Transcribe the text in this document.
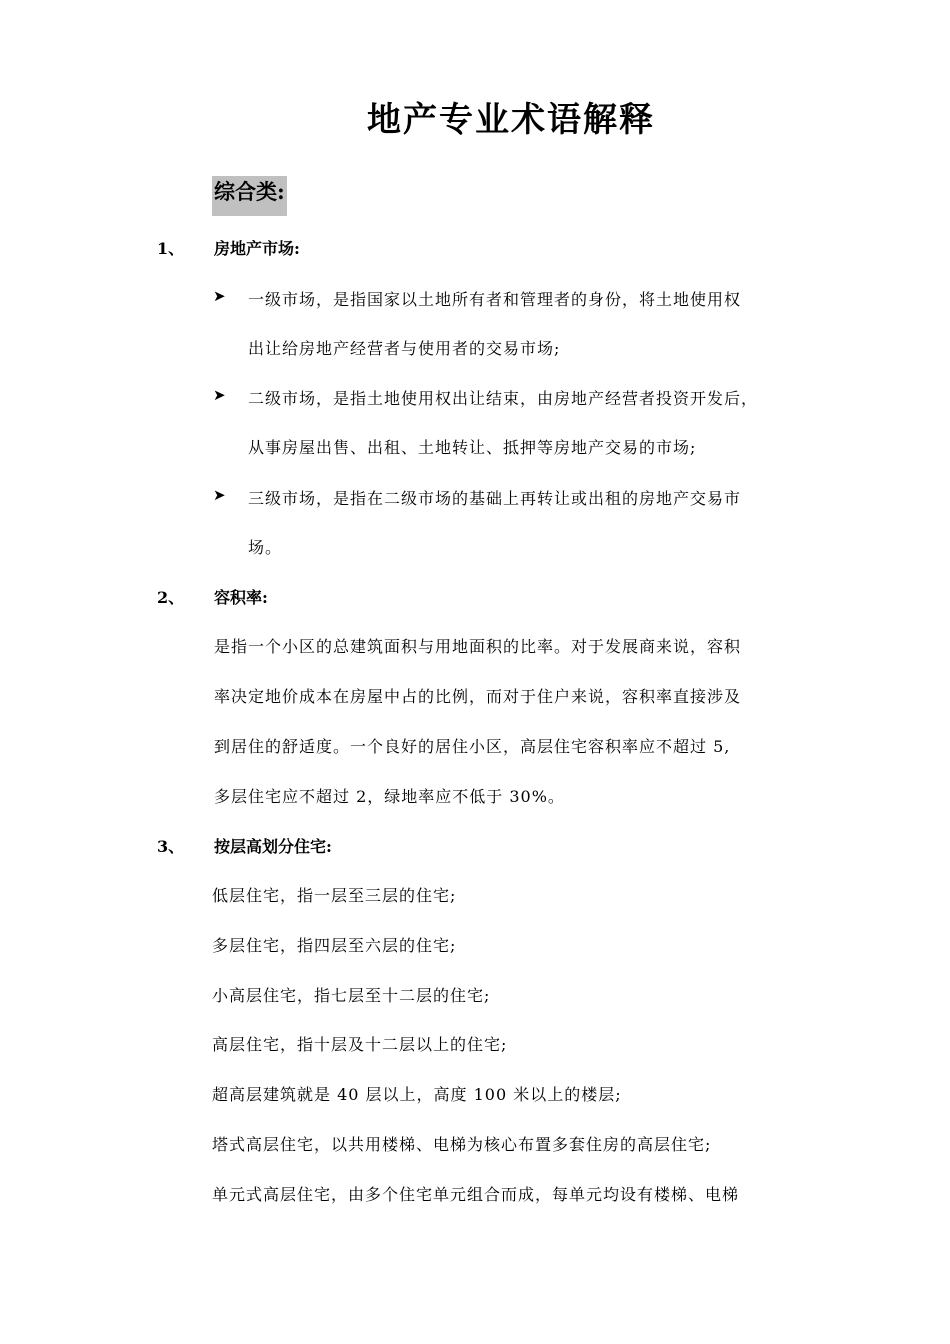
地产专业术语解释
综合类:
1、 房地产市场:
➤ 一级市场，是指国家以土地所有者和管理者的身份，将土地使用权
出让给房地产经营者与使用者的交易市场;
➤ 二级市场，是指土地使用权出让结束，由房地产经营者投资开发后，
从事房屋出售、出租、土地转让、抵押等房地产交易的市场;
➤ 三级市场，是指在二级市场的基础上再转让或出租的房地产交易市
场。
2、 容积率:
是指一个小区的总建筑面积与用地面积的比率。对于发展商来说，容积
率决定地价成本在房屋中占的比例，而对于住户来说，容积率直接涉及
到居住的舒适度。一个良好的居住小区，高层住宅容积率应不超过 5,
多层住宅应不超过 2，绿地率应不低于 30%。
3、 按层高划分住宅:
低层住宅，指一层至三层的住宅;
多层住宅，指四层至六层的住宅;
小高层住宅，指七层至十二层的住宅;
高层住宅，指十层及十二层以上的住宅;
超高层建筑就是 40 层以上，高度 100 米以上的楼层;
塔式高层住宅，以共用楼梯、电梯为核心布置多套住房的高层住宅;
单元式高层住宅，由多个住宅单元组合而成，每单元均设有楼梯、电梯
